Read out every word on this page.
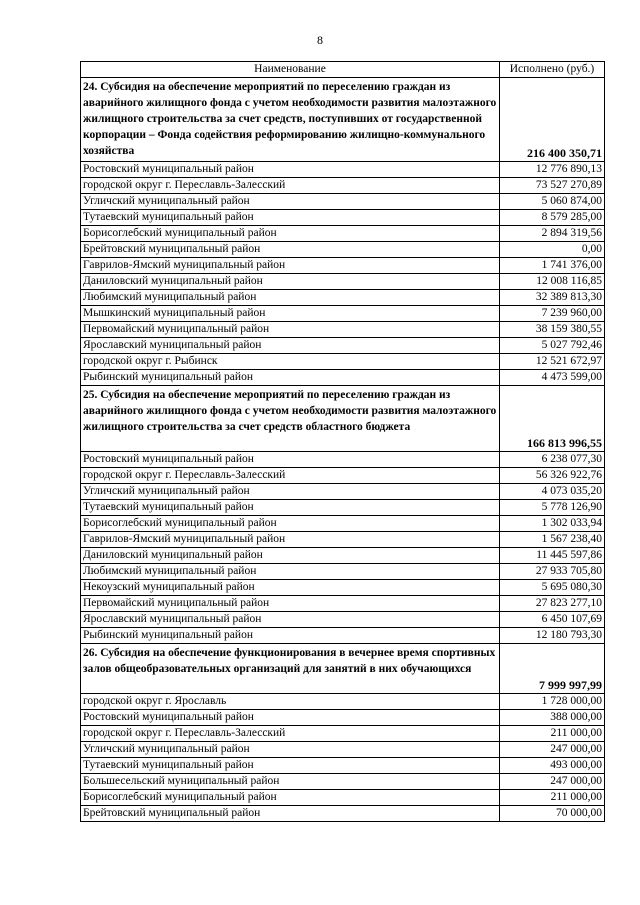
8
Наименование	Исполнено (руб.)
24. Субсидия на обеспечение мероприятий по переселению граждан из аварийного жилищного фонда с учетом необходимости развития малоэтажного жилищного строительства за счет средств, поступивших от государственной корпорации – Фонда содействия реформированию жилищно-коммунального хозяйства	216 400 350,71
Ростовский муниципальный район	12 776 890,13
городской округ г. Переславль-Залесский	73 527 270,89
Угличский муниципальный район	5 060 874,00
Тутаевский муниципальный район	8 579 285,00
Борисоглебский муниципальный район	2 894 319,56
Брейтовский муниципальный район	0,00
Гаврилов-Ямский муниципальный район	1 741 376,00
Даниловский муниципальный район	12 008 116,85
Любимский муниципальный район	32 389 813,30
Мышкинский муниципальный район	7 239 960,00
Первомайский муниципальный район	38 159 380,55
Ярославский муниципальный район	5 027 792,46
городской округ г. Рыбинск	12 521 672,97
Рыбинский муниципальный район	4 473 599,00
25. Субсидия на обеспечение мероприятий по переселению граждан из аварийного жилищного фонда с учетом необходимости развития малоэтажного жилищного строительства за счет средств областного бюджета	166 813 996,55
Ростовский муниципальный район	6 238 077,30
городской округ г. Переславль-Залесский	56 326 922,76
Угличский муниципальный район	4 073 035,20
Тутаевский муниципальный район	5 778 126,90
Борисоглебский муниципальный район	1 302 033,94
Гаврилов-Ямский муниципальный район	1 567 238,40
Даниловский муниципальный район	11 445 597,86
Любимский муниципальный район	27 933 705,80
Некоузский муниципальный район	5 695 080,30
Первомайский муниципальный район	27 823 277,10
Ярославский муниципальный район	6 450 107,69
Рыбинский муниципальный район	12 180 793,30
26. Субсидия на обеспечение функционирования в вечернее время спортивных залов общеобразовательных организаций для занятий в них обучающихся	7 999 997,99
городской округ г. Ярославль	1 728 000,00
Ростовский муниципальный район	388 000,00
городской округ г. Переславль-Залесский	211 000,00
Угличский муниципальный район	247 000,00
Тутаевский муниципальный район	493 000,00
Большесельский муниципальный район	247 000,00
Борисоглебский муниципальный район	211 000,00
Брейтовский муниципальный район	70 000,00
